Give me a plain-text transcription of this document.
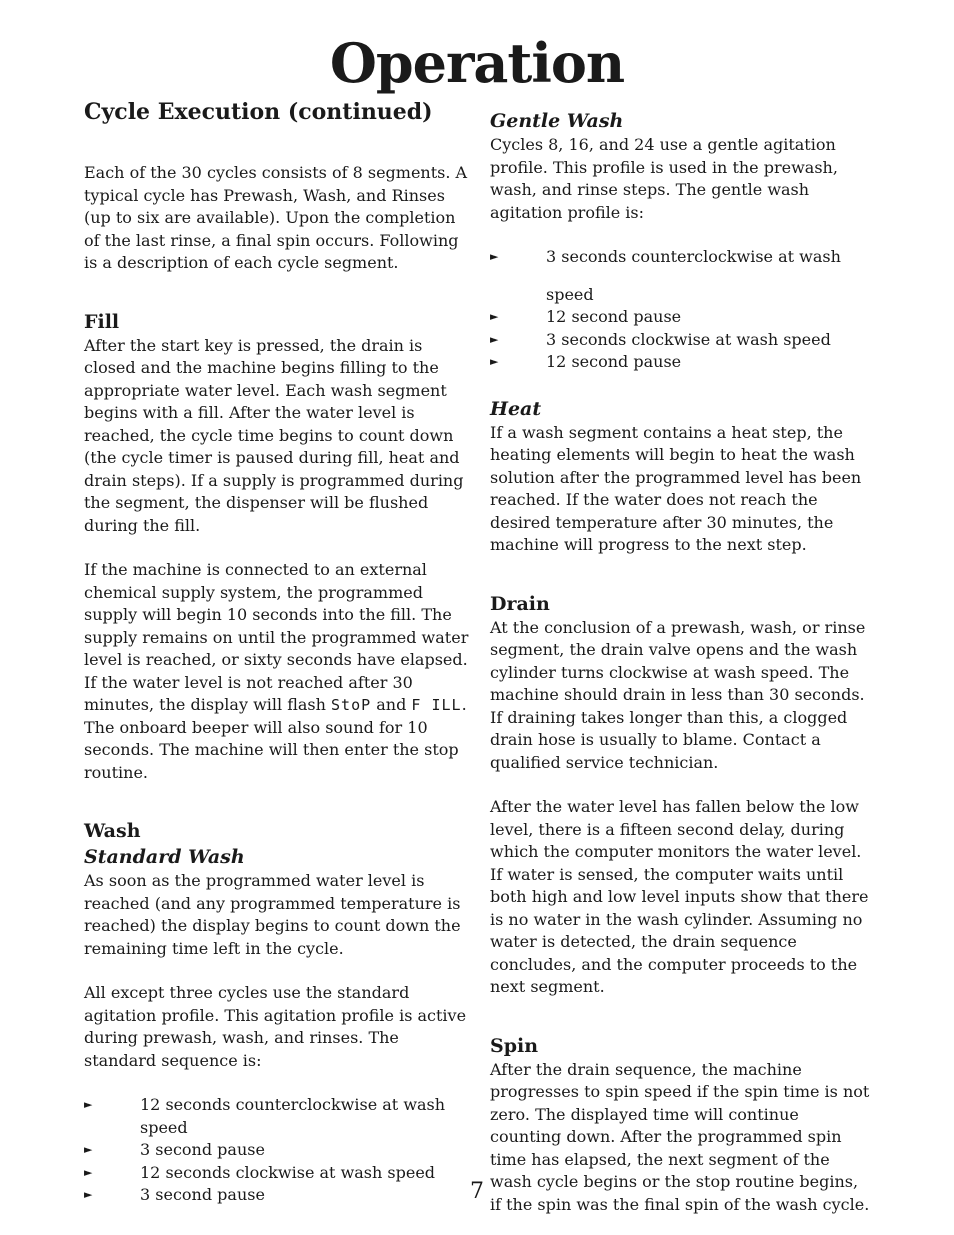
Operation
Cycle Execution (continued)

Each of the 30 cycles consists of 8 segments. A typical cycle has Prewash, Wash, and Rinses (up to six are available). Upon the completion of the last rinse, a final spin occurs. Following is a description of each cycle segment.

Fill

After the start key is pressed, the drain is closed and the machine begins filling to the appropriate water level. Each wash segment begins with a fill. After the water level is reached, the cycle time begins to count down (the cycle timer is paused during fill, heat and drain steps). If a supply is programmed during the segment, the dispenser will be flushed during the fill.

If the machine is connected to an external chemical supply system, the programmed supply will begin 10 seconds into the fill. The supply remains on until the programmed water level is reached, or sixty seconds have elapsed. If the water level is not reached after 30 minutes, the display will flash StoP and F ILL. The onboard beeper will also sound for 10 seconds. The machine will then enter the stop routine.

Wash
Standard Wash

As soon as the programmed water level is reached (and any programmed temperature is reached) the display begins to count down the remaining time left in the cycle.

All except three cycles use the standard agitation profile. This agitation profile is active during prewash, wash, and rinses. The standard sequence is:

►	12 seconds counterclockwise at wash speed
►	3 second pause
►	12 seconds clockwise at wash speed
►	3 second pause
Gentle Wash

Cycles 8, 16, and 24 use a gentle agitation profile. This profile is used in the prewash, wash, and rinse steps. The gentle wash agitation profile is:

►	3 seconds counterclockwise at wash
speed
►	12 second pause
►	3 seconds clockwise at wash speed
►	12 second pause
Heat

If a wash segment contains a heat step, the heating elements will begin to heat the wash solution after the programmed level has been reached. If the water does not reach the desired temperature after 30 minutes, the machine will progress to the next step.

Drain

At the conclusion of a prewash, wash, or rinse segment, the drain valve opens and the wash cylinder turns clockwise at wash speed. The machine should drain in less than 30 seconds. If draining takes longer than this, a clogged drain hose is usually to blame. Contact a qualified service technician.

After the water level has fallen below the low level, there is a fifteen second delay, during which the computer monitors the water level. If water is sensed, the computer waits until both high and low level inputs show that there is no water in the wash cylinder. Assuming no water is detected, the drain sequence concludes, and the computer proceeds to the next segment.

Spin

After the drain sequence, the machine progresses to spin speed if the spin time is not zero. The displayed time will continue counting down. After the programmed spin time has elapsed, the next segment of the wash cycle begins or the stop routine begins, if the spin was the final spin of the wash cycle.

7
